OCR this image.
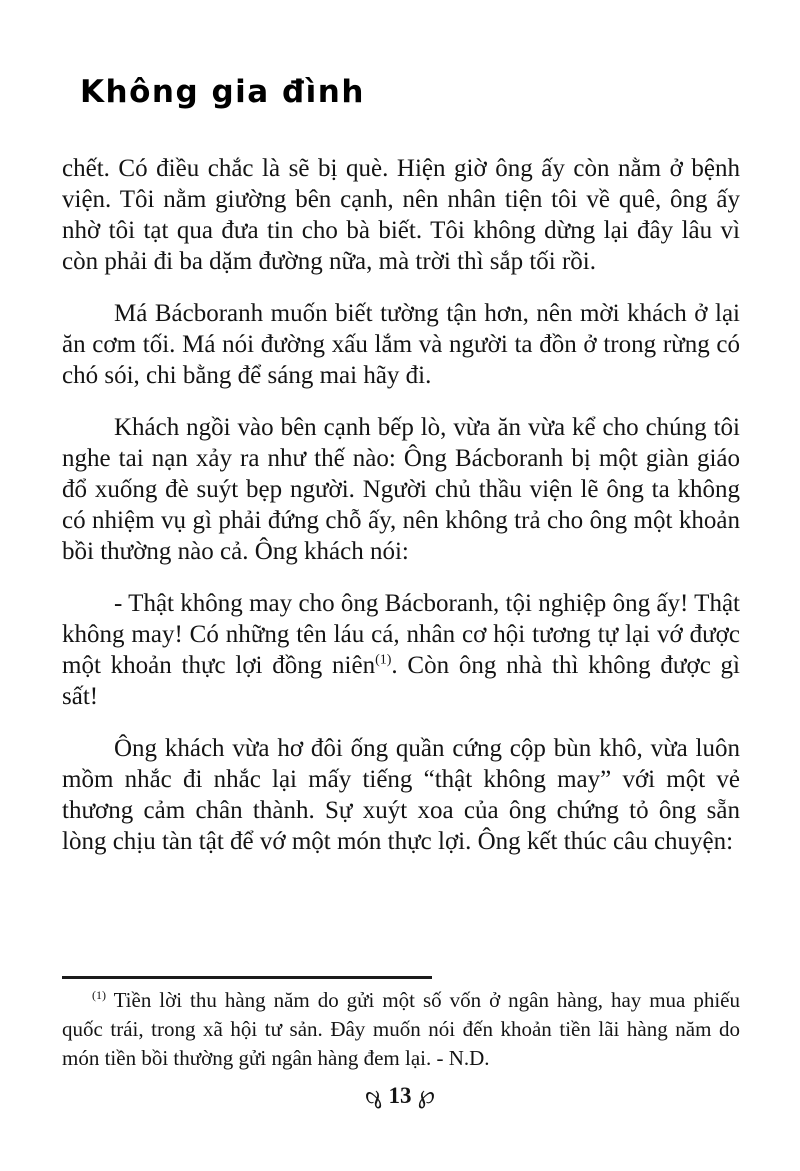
Không gia đình

chết. Có điều chắc là sẽ bị què. Hiện giờ ông ấy còn nằm ở bệnh viện. Tôi nằm giường bên cạnh, nên nhân tiện tôi về quê, ông ấy nhờ tôi tạt qua đưa tin cho bà biết. Tôi không dừng lại đây lâu vì còn phải đi ba dặm đường nữa, mà trời thì sắp tối rồi.

Má Bácboranh muốn biết tường tận hơn, nên mời khách ở lại ăn cơm tối. Má nói đường xấu lắm và người ta đồn ở trong rừng có chó sói, chi bằng để sáng mai hãy đi.

Khách ngồi vào bên cạnh bếp lò, vừa ăn vừa kể cho chúng tôi nghe tai nạn xảy ra như thế nào: Ông Bácboranh bị một giàn giáo đổ xuống đè suýt bẹp người. Người chủ thầu viện lẽ ông ta không có nhiệm vụ gì phải đứng chỗ ấy, nên không trả cho ông một khoản bồi thường nào cả. Ông khách nói:

- Thật không may cho ông Bácboranh, tội nghiệp ông ấy! Thật không may! Có những tên láu cá, nhân cơ hội tương tự lại vớ được một khoản thực lợi đồng niên$^{(1)}$. Còn ông nhà thì không được gì sất!

Ông khách vừa hơ đôi ống quần cứng cộp bùn khô, vừa luôn mồm nhắc đi nhắc lại mấy tiếng “thật không may” với một vẻ thương cảm chân thành. Sự xuýt xoa của ông chứng tỏ ông sẵn lòng chịu tàn tật để vớ một món thực lợi. Ông kết thúc câu chuyện:

$^{(1)}$ Tiền lời thu hàng năm do gửi một số vốn ở ngân hàng, hay mua phiếu quốc trái, trong xã hội tư sản. Đây muốn nói đến khoản tiền lãi hàng năm do món tiền bồi thường gửi ngân hàng đem lại. - N.D.

℘ 13 ℘
